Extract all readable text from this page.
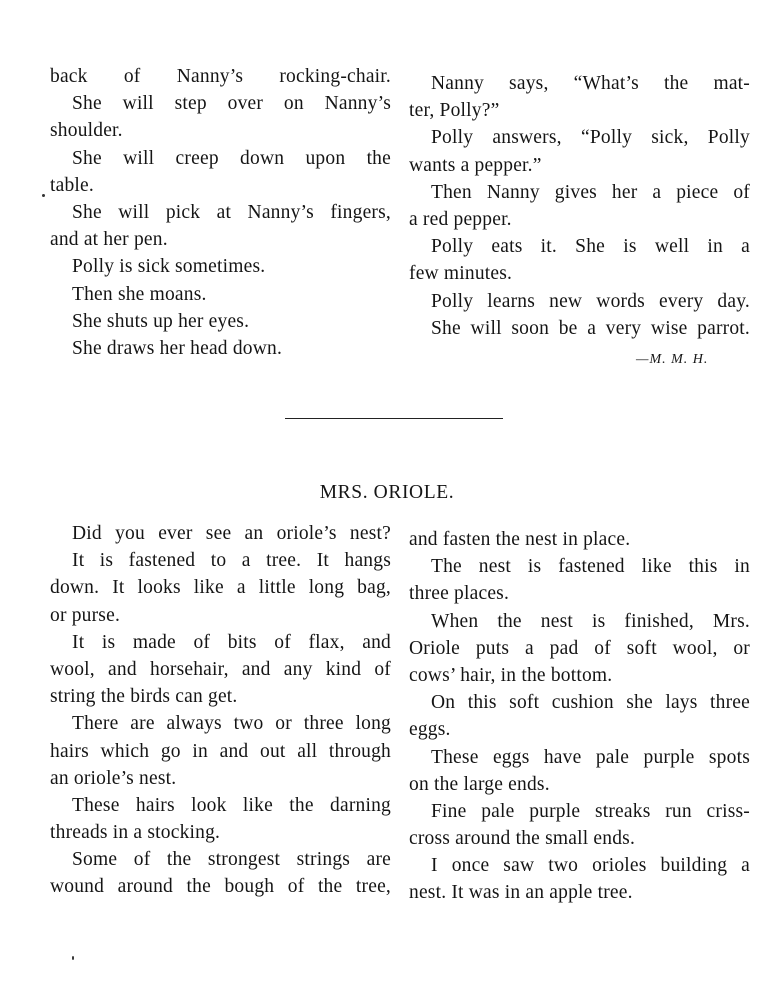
back of Nanny’s rocking-chair.
She will step over on Nanny’s
shoulder.
She will creep down upon the
table.
She will pick at Nanny’s fingers,
and at her pen.
Polly is sick sometimes.
Then she moans.
She shuts up her eyes.
She draws her head down.
Nanny says, “What’s the mat-
ter, Polly?”
Polly answers, “Polly sick, Polly
wants a pepper.”
Then Nanny gives her a piece of
a red pepper.
Polly eats it. She is well in a
few minutes.
Polly learns new words every day.
She will soon be a very wise parrot.
—M. M. H.
MRS. ORIOLE.
Did you ever see an oriole’s nest?
It is fastened to a tree. It hangs
down. It looks like a little long bag,
or purse.
It is made of bits of flax, and
wool, and horsehair, and any kind of
string the birds can get.
There are always two or three long
hairs which go in and out all through
an oriole’s nest.
These hairs look like the darning
threads in a stocking.
Some of the strongest strings are
wound around the bough of the tree,
and fasten the nest in place.
The nest is fastened like this in
three places.
When the nest is finished, Mrs.
Oriole puts a pad of soft wool, or
cows’ hair, in the bottom.
On this soft cushion she lays three
eggs.
These eggs have pale purple spots
on the large ends.
Fine pale purple streaks run criss-
cross around the small ends.
I once saw two orioles building a
nest. It was in an apple tree.
